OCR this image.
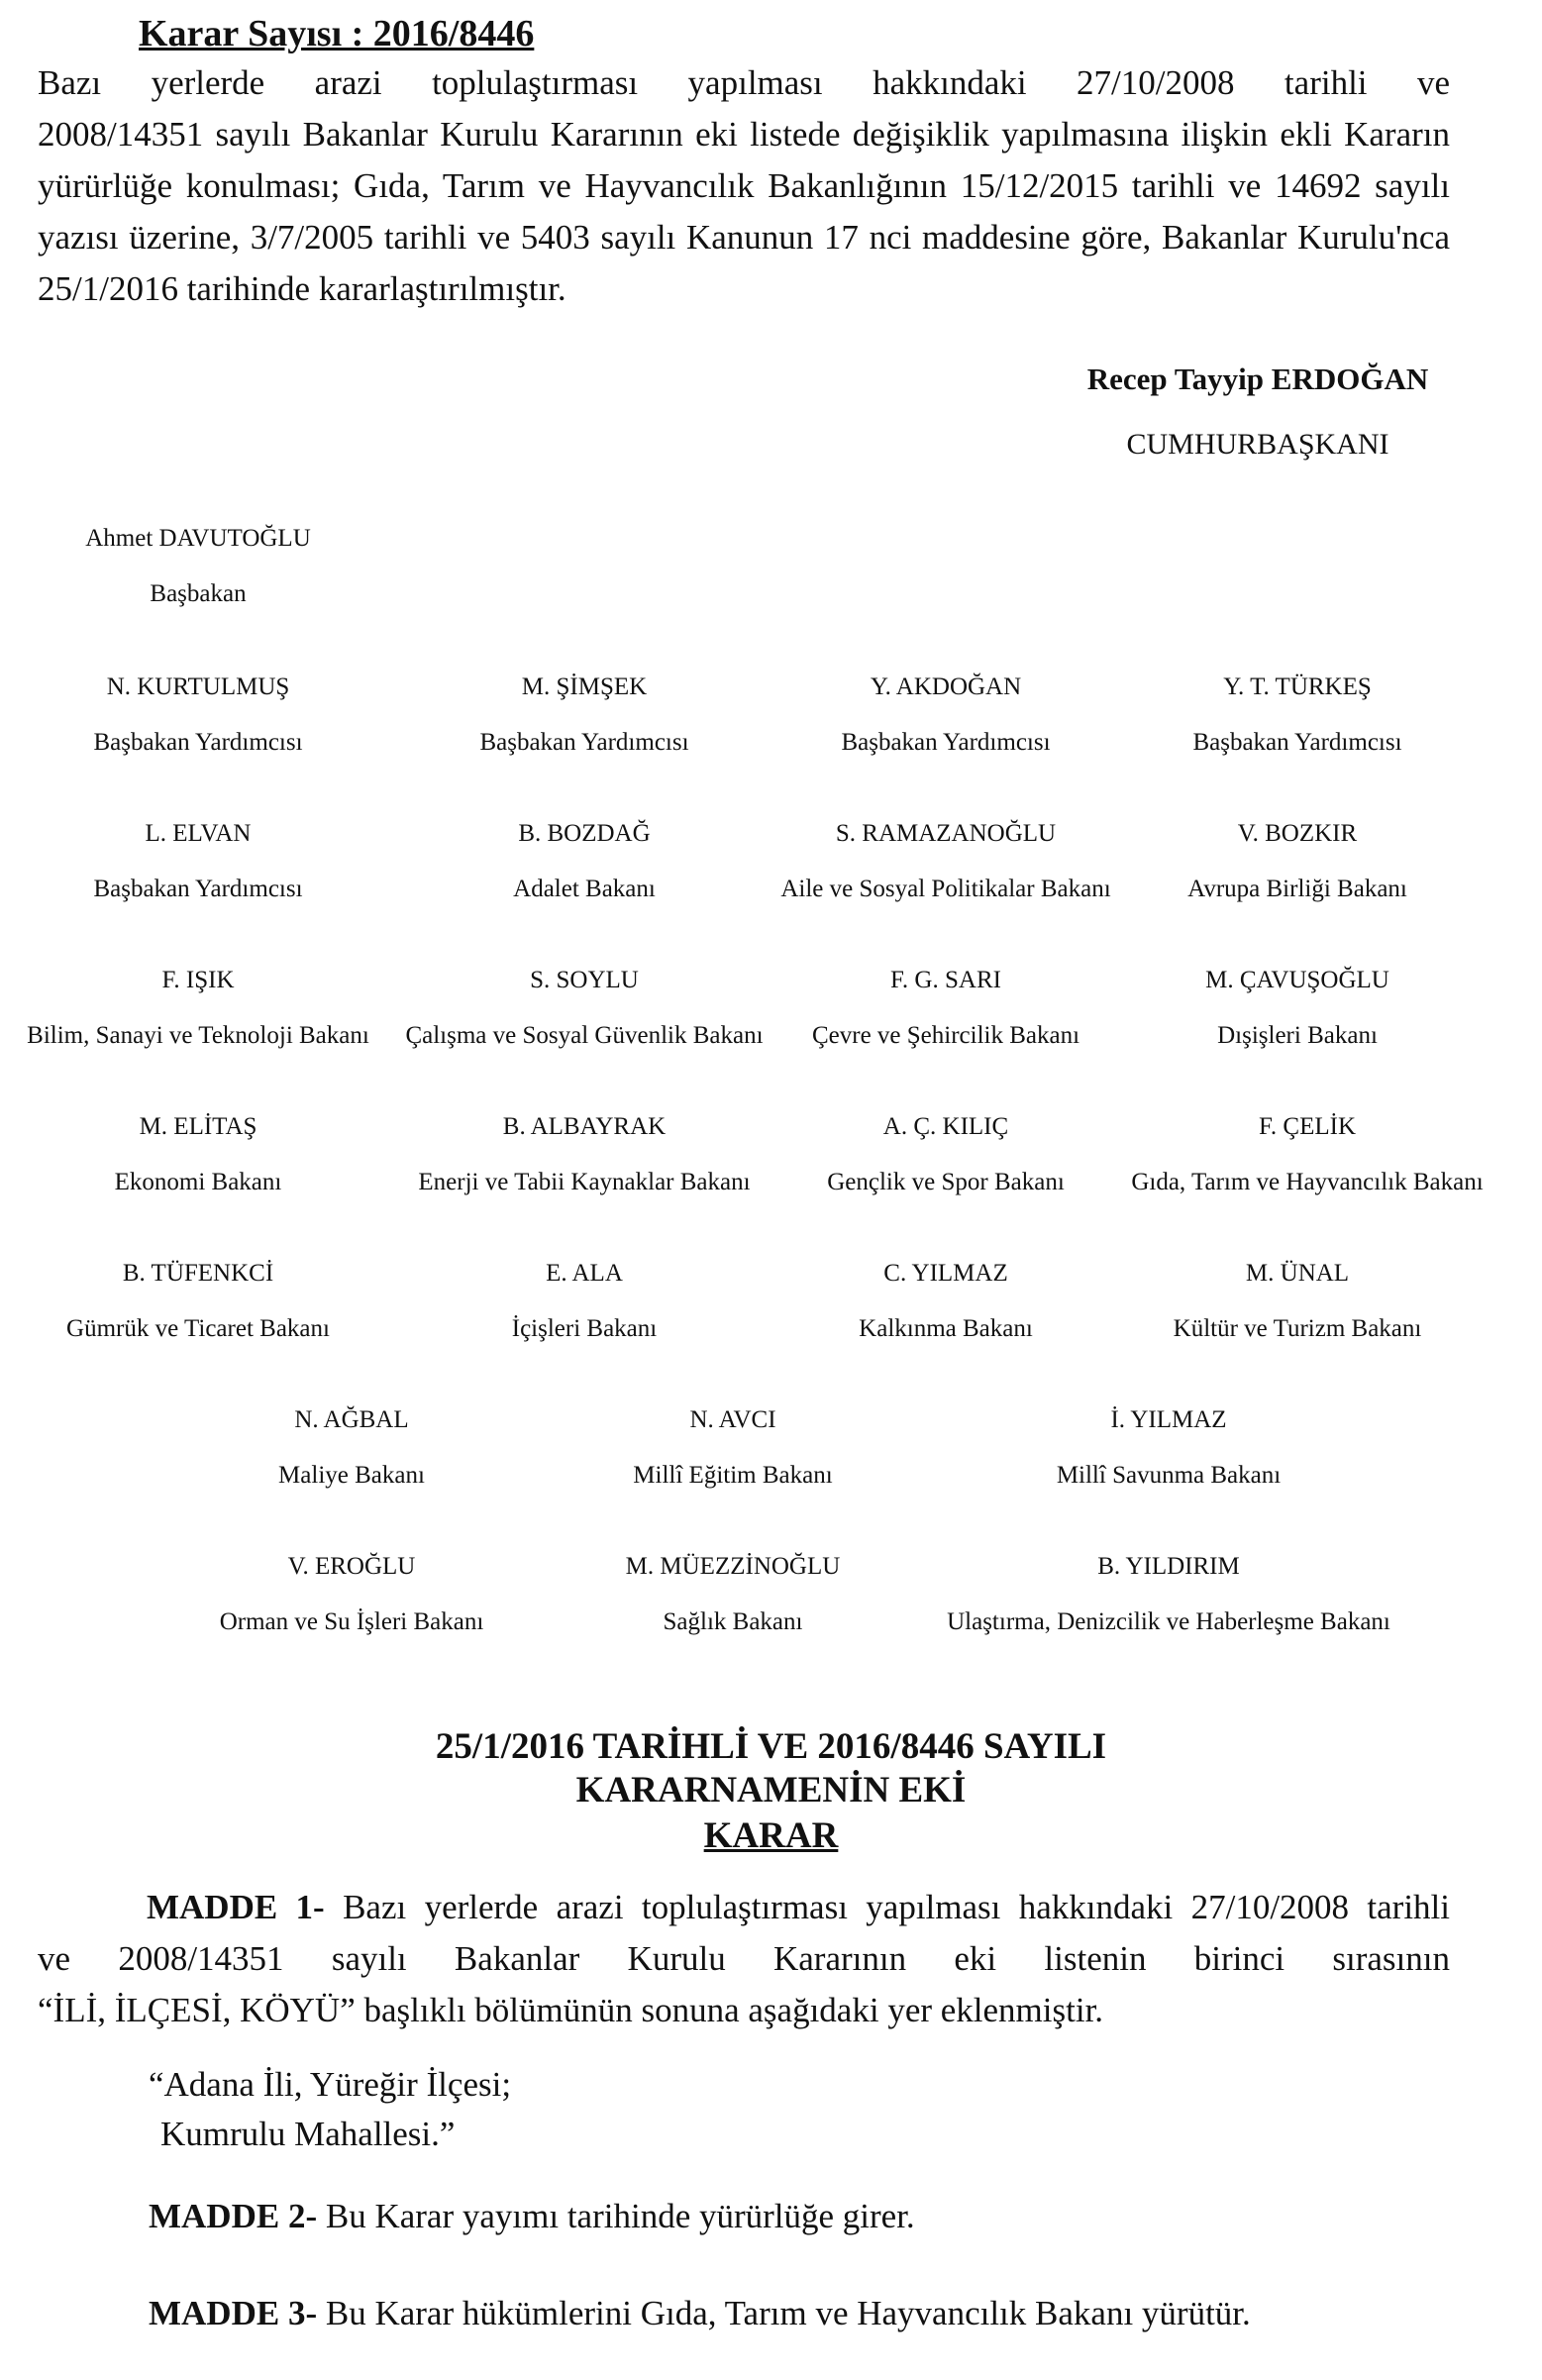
Karar Sayısı : 2016/8446
Bazı yerlerde arazi toplulaştırması yapılması hakkındaki 27/10/2008 tarihli ve
2008/14351 sayılı Bakanlar Kurulu Kararının eki listede değişiklik yapılmasına ilişkin ekli Kararın
yürürlüğe konulması; Gıda, Tarım ve Hayvancılık Bakanlığının 15/12/2015 tarihli ve 14692 sayılı
yazısı üzerine, 3/7/2005 tarihli ve 5403 sayılı Kanunun 17 nci maddesine göre, Bakanlar Kurulu'nca
25/1/2016 tarihinde kararlaştırılmıştır.
Recep Tayyip ERDOĞAN
CUMHURBAŞKANI
Ahmet DAVUTOĞLU
Başbakan
N. KURTULMUŞ
Başbakan Yardımcısı
M. ŞİMŞEK
Başbakan Yardımcısı
Y. AKDOĞAN
Başbakan Yardımcısı
Y. T. TÜRKEŞ
Başbakan Yardımcısı
L. ELVAN
Başbakan Yardımcısı
B. BOZDAĞ
Adalet Bakanı
S. RAMAZANOĞLU
Aile ve Sosyal Politikalar Bakanı
V. BOZKIR
Avrupa Birliği Bakanı
F. IŞIK
Bilim, Sanayi ve Teknoloji Bakanı
S. SOYLU
Çalışma ve Sosyal Güvenlik Bakanı
F. G. SARI
Çevre ve Şehircilik Bakanı
M. ÇAVUŞOĞLU
Dışişleri Bakanı
M. ELİTAŞ
Ekonomi Bakanı
B. ALBAYRAK
Enerji ve Tabii Kaynaklar Bakanı
A. Ç. KILIÇ
Gençlik ve Spor Bakanı
F. ÇELİK
Gıda, Tarım ve Hayvancılık Bakanı
B. TÜFENKCİ
Gümrük ve Ticaret Bakanı
E. ALA
İçişleri Bakanı
C. YILMAZ
Kalkınma Bakanı
M. ÜNAL
Kültür ve Turizm Bakanı
N. AĞBAL
Maliye Bakanı
N. AVCI
Millî Eğitim Bakanı
İ. YILMAZ
Millî Savunma Bakanı
V. EROĞLU
Orman ve Su İşleri Bakanı
M. MÜEZZİNOĞLU
Sağlık Bakanı
B. YILDIRIM
Ulaştırma, Denizcilik ve Haberleşme Bakanı
25/1/2016 TARİHLİ VE 2016/8446 SAYILI
KARARNAMENİN EKİ
KARAR
MADDE 1- Bazı yerlerde arazi toplulaştırması yapılması hakkındaki 27/10/2008 tarihli
ve 2008/14351 sayılı Bakanlar Kurulu Kararının eki listenin birinci sırasının
“İLİ, İLÇESİ, KÖYÜ” başlıklı bölümünün sonuna aşağıdaki yer eklenmiştir.
“Adana İli, Yüreğir İlçesi;
Kumrulu Mahallesi.”
MADDE 2- Bu Karar yayımı tarihinde yürürlüğe girer.
MADDE 3- Bu Karar hükümlerini Gıda, Tarım ve Hayvancılık Bakanı yürütür.
